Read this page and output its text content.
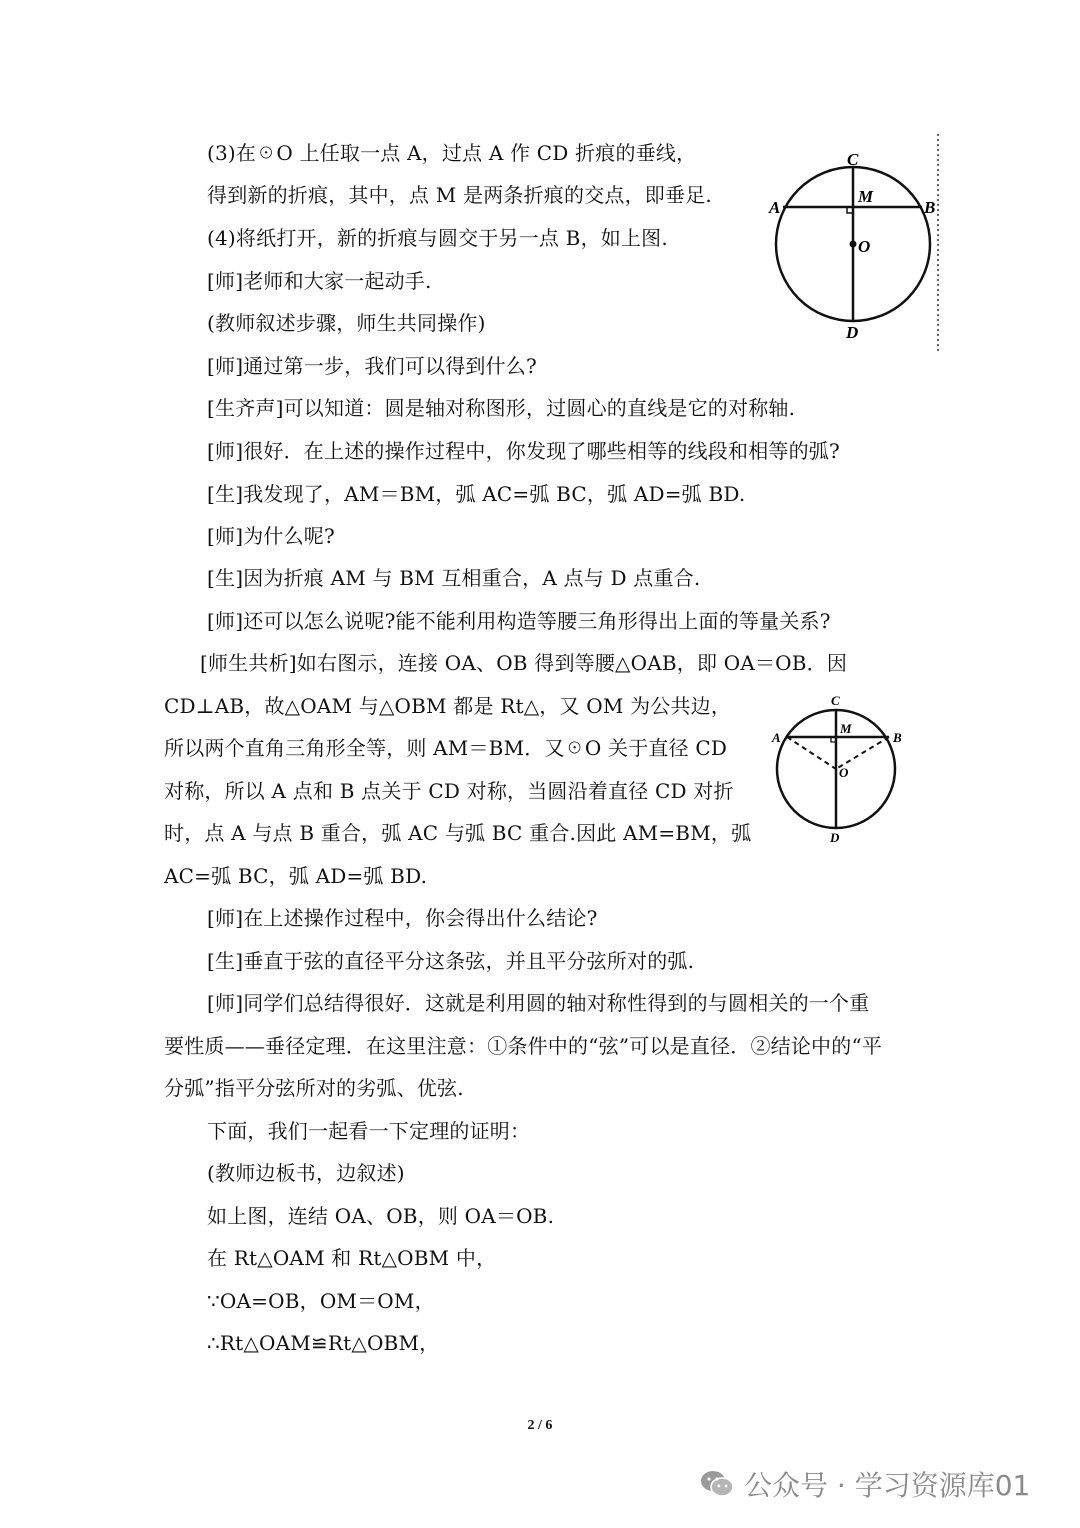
(3)在☉O 上任取一点 A，过点 A 作 CD 折痕的垂线，
得到新的折痕，其中，点 M 是两条折痕的交点，即垂足.
(4)将纸打开，新的折痕与圆交于另一点 B，如上图.
[师]老师和大家一起动手.
(教师叙述步骤，师生共同操作)
[师]通过第一步，我们可以得到什么?
[生齐声]可以知道：圆是轴对称图形，过圆心的直线是它的对称轴.
[师]很好．在上述的操作过程中，你发现了哪些相等的线段和相等的弧?
[生]我发现了，AM＝BM，弧 AC=弧 BC，弧 AD=弧 BD.
[师]为什么呢?
[生]因为折痕 AM 与 BM 互相重合，A 点与 D 点重合.
[师]还可以怎么说呢?能不能利用构造等腰三角形得出上面的等量关系?
[师生共析]如右图示，连接 OA、OB 得到等腰△OAB，即 OA＝OB．因
CD⊥AB，故△OAM 与△OBM 都是 Rt△，又 OM 为公共边，
所以两个直角三角形全等，则 AM＝BM．又☉O 关于直径 CD
对称，所以 A 点和 B 点关于 CD 对称，当圆沿着直径 CD 对折
时，点 A 与点 B 重合，弧 AC 与弧 BC 重合.因此 AM=BM，弧
AC=弧 BC，弧 AD=弧 BD.
[师]在上述操作过程中，你会得出什么结论?
[生]垂直于弦的直径平分这条弦，并且平分弦所对的弧.
[师]同学们总结得很好．这就是利用圆的轴对称性得到的与圆相关的一个重
要性质——垂径定理．在这里注意：①条件中的“弦”可以是直径．②结论中的“平
分弧”指平分弦所对的劣弧、优弦.
下面，我们一起看一下定理的证明：
(教师边板书，边叙述)
如上图，连结 OA、OB，则 OA＝OB.
在 Rt△OAM 和 Rt△OBM 中，
∵OA=OB，OM＝OM，
∴Rt△OAM≌Rt△OBM，
C
M
A	B
O
D
C
M
A	B
O
D
2 / 6
公众号 · 学习资源库01
